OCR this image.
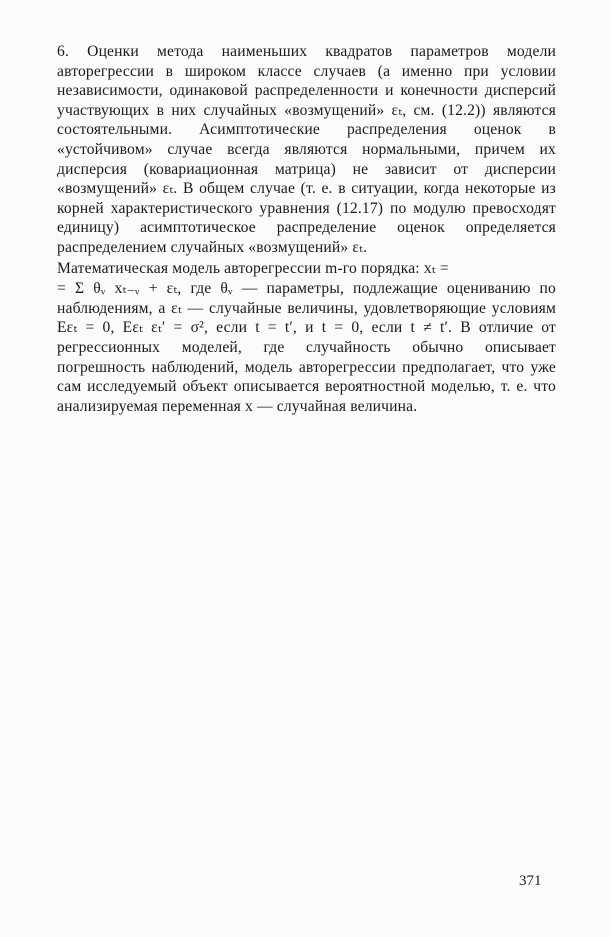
6. Оценки метода наименьших квадратов параметров модели авторегрессии в широком классе случаев (а именно при условии независимости, одинаковой распределенности и конечности дисперсий участвующих в них случайных «возмущений» εₜ, см. (12.2)) являются состоятельными. Асимптотические распределения оценок в «устойчивом» случае всегда являются нормальными, причем их дисперсия (ковариационная матрица) не зависит от дисперсии «возмущений» εₜ. В общем случае (т. е. в ситуации, когда некоторые из корней характеристического уравнения (12.17) по модулю превосходят единицу) асимптотическое распределение оценок определяется распределением случайных «возмущений» εₜ.

Математическая модель авторегрессии m-го порядка: xₜ =

= Σ θᵥ xₜ₋ᵥ + εₜ, где θᵥ — параметры, подлежащие оцениванию по наблюдениям, а εₜ — случайные величины, удовлетворяющие условиям Eεₜ = 0, Eεₜ εₜ′ = σ², если t = t′, и t = 0, если t ≠ t′. В отличие от регрессионных моделей, где случайность обычно описывает погрешность наблюдений, модель авторегрессии предполагает, что уже сам исследуемый объект описывается вероятностной моделью, т. е. что анализируемая переменная x — случайная величина.

371
